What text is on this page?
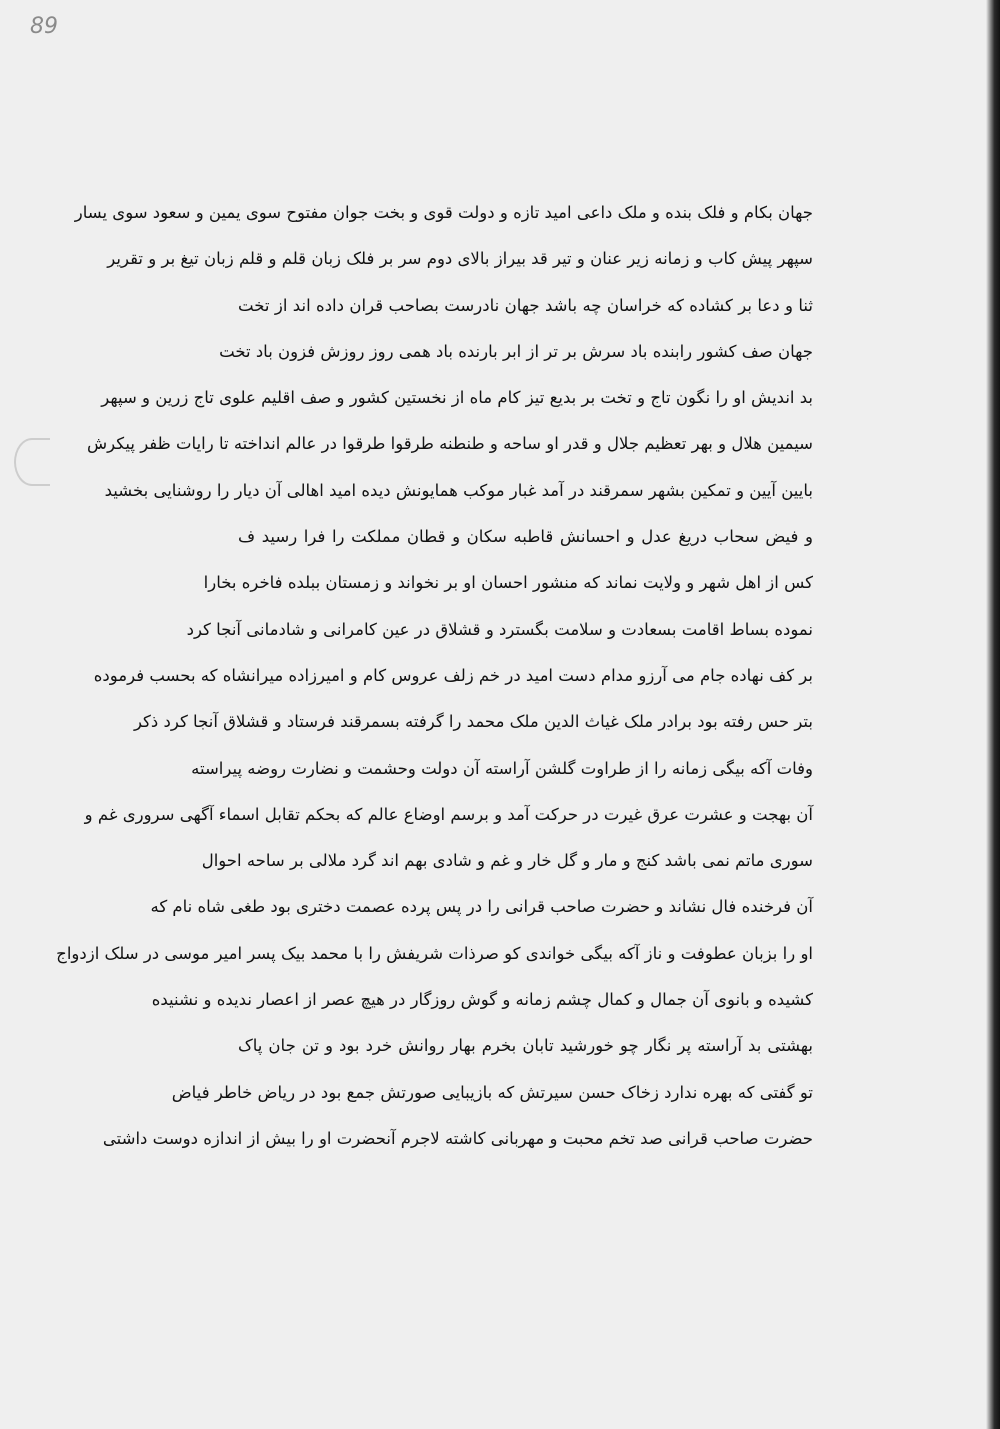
89
جهان بکام و فلک بنده و ملک داعی امید تازه و دولت قوی و بخت جوان مفتوح سوی یمین و سعود سوی یسار
سپهر پیش کاب و زمانه زیر عنان و تیر قد بیراز بالای دوم سر بر فلک زبان قلم و قلم زبان تیغ بر و تقریر
ثنا و دعا بر کشاده که خراسان چه باشد جهان نادرست بصاحب قران داده اند از تخت
جهان صف کشور رابنده باد سرش بر تر از ابر بارنده باد همی روز روزش فزون باد تخت
بد اندیش او را نگون تاج و تخت بر بدیع تیز کام ماه از نخستین کشور و صف اقلیم علوی تاج زرین و سپهر
سیمین هلال و بهر تعظیم جلال و قدر او ساحه و طنطنه طرقوا طرقوا در عالم انداخته تا رایات ظفر پیکرش
بایین آیین و تمکین بشهر سمرقند در آمد غبار موکب همایونش دیده امید اهالی آن دیار را روشنایی بخشید
و فیض سحاب دریغ عدل و احسانش قاطبه سکان و قطان مملکت را فرا رسید ف
کس از اهل شهر و ولایت نماند که منشور احسان او بر نخواند و زمستان ببلده فاخره بخارا
نموده بساط اقامت بسعادت و سلامت بگسترد و قشلاق در عین کامرانی و شادمانی آنجا کرد
بر کف نهاده جام می آرزو مدام دست امید در خم زلف عروس کام و امیرزاده میرانشاه که بحسب فرموده
بتر حس رفته بود برادر ملک غیاث الدین ملک محمد را گرفته بسمرقند فرستاد و قشلاق آنجا کرد ذکر
وفات آکه بیگی زمانه را از طراوت گلشن آراسته آن دولت وحشمت و نضارت روضه پیراسته
آن بهجت و عشرت عرق غیرت در حرکت آمد و برسم اوضاع عالم که بحکم تقابل اسماء آگهی سروری غم و
سوری ماتم نمی باشد کنج و مار و گل خار و غم و شادی بهم اند گرد ملالی بر ساحه احوال
آن فرخنده فال نشاند و حضرت صاحب قرانی را در پس پرده عصمت دختری بود طغی شاه نام که
او را بزبان عطوفت و ناز آکه بیگی خواندی کو صرذات شریفش را با محمد بیک پسر امیر موسی در سلک ازدواج
کشیده و بانوی آن جمال و کمال چشم زمانه و گوش روزگار در هیچ عصر از اعصار ندیده و نشنیده
بهشتی بد آراسته پر نگار چو خورشید تابان بخرم بهار روانش خرد بود و تن جان پاک
تو گفتی که بهره ندارد زخاک حسن سیرتش که بازیبایی صورتش جمع بود در ریاض خاطر فیاض
حضرت صاحب قرانی صد تخم محبت و مهربانی کاشته لاجرم آنحضرت او را بیش از اندازه دوست داشتی
